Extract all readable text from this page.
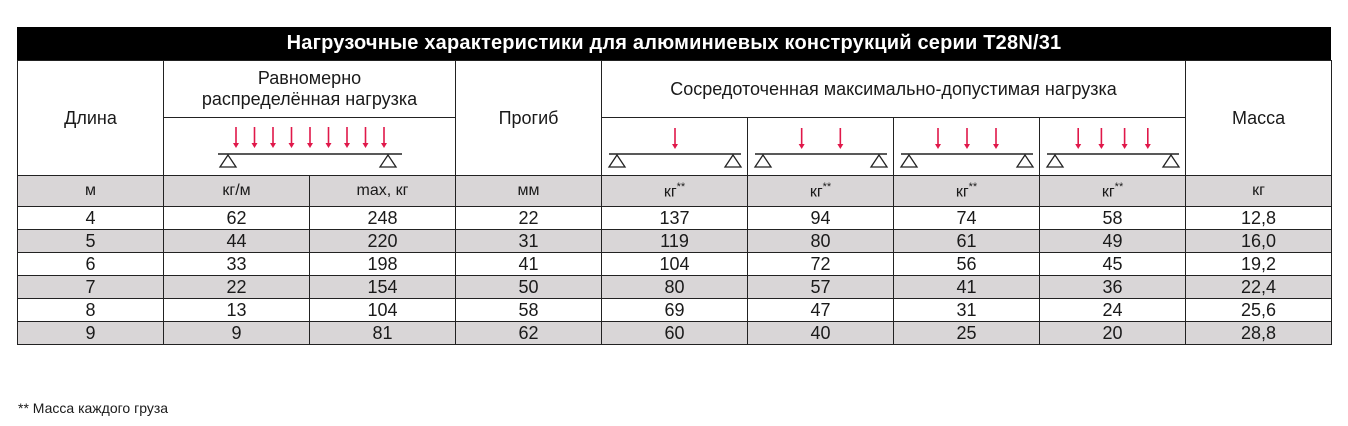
Нагрузочные характеристики для алюминиевых конструкций серии T28N/31
Длина	Равномерно распределённая нагрузка		Прогиб	Сосредоточенная максимально-допустимая нагрузка				Масса

м	кг/м	max, кг	мм	кг**	кг**	кг**	кг**	кг
4	62	248	22	137	94	74	58	12,8
5	44	220	31	119	80	61	49	16,0
6	33	198	41	104	72	56	45	19,2
7	22	154	50	80	57	41	36	22,4
8	13	104	58	69	47	31	24	25,6
9	9	81	62	60	40	25	20	28,8
** Масса каждого груза
